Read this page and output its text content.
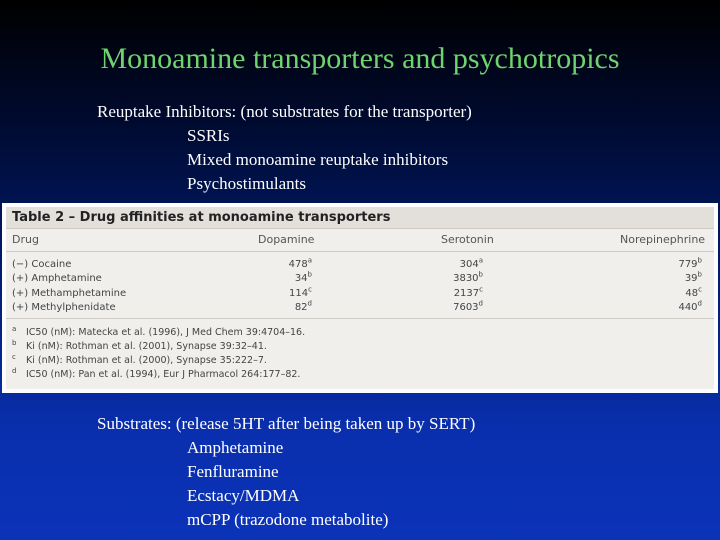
Monoamine transporters and psychotropics
Reuptake Inhibitors: (not substrates for the transporter)
SSRIs
Mixed monoamine reuptake inhibitors
Psychostimulants
Table 2 – Drug affinities at monoamine transporters
Drug	Dopamine	Serotonin	Norepinephrine
(−) Cocaine	478$^a$	304$^a$	779$^b$
(+) Amphetamine	34$^b$	3830$^b$	39$^b$
(+) Methamphetamine	114$^c$	2137$^c$	48$^c$
(+) Methylphenidate	82$^d$	7603$^d$	440$^d$
a IC50 (nM): Matecka et al. (1996), J Med Chem 39:4704–16.
b Ki (nM): Rothman et al. (2001), Synapse 39:32–41.
c Ki (nM): Rothman et al. (2000), Synapse 35:222–7.
d IC50 (nM): Pan et al. (1994), Eur J Pharmacol 264:177–82.
Substrates: (release 5HT after being taken up by SERT)
Amphetamine
Fenfluramine
Ecstacy/MDMA
mCPP (trazodone metabolite)
